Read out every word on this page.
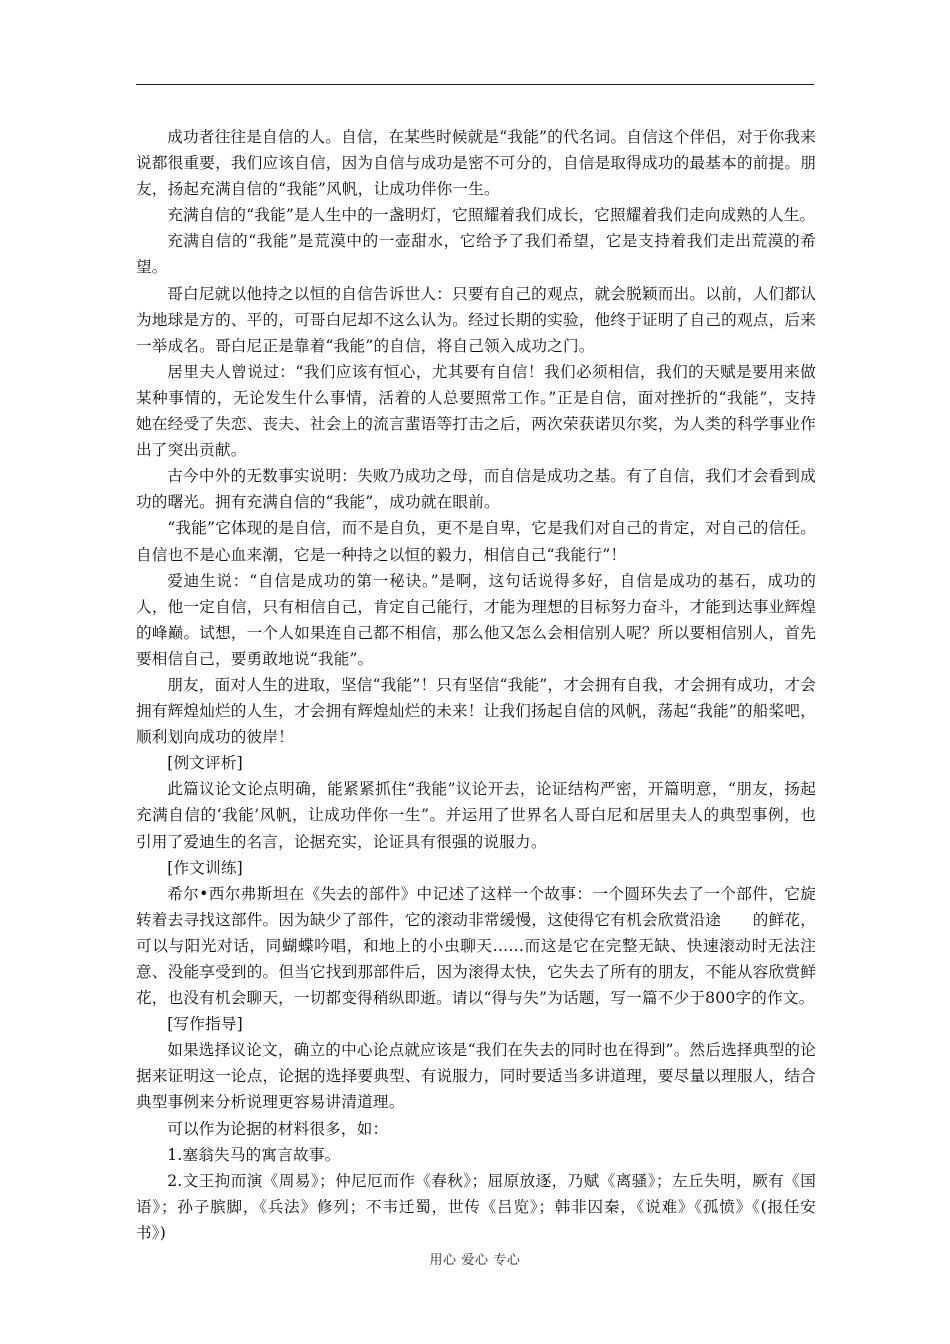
成功者往往是自信的人。自信，在某些时候就是“我能”的代名词。自信这个伴侣，对于你我来说都很重要，我们应该自信，因为自信与成功是密不可分的，自信是取得成功的最基本的前提。朋友，扬起充满自信的“我能”风帆，让成功伴你一生。

充满自信的“我能”是人生中的一盏明灯，它照耀着我们成长，它照耀着我们走向成熟的人生。

充满自信的“我能”是荒漠中的一壶甜水，它给予了我们希望，它是支持着我们走出荒漠的希望。

哥白尼就以他持之以恒的自信告诉世人：只要有自己的观点，就会脱颖而出。以前，人们都认为地球是方的、平的，可哥白尼却不这么认为。经过长期的实验，他终于证明了自己的观点，后来一举成名。哥白尼正是靠着“我能”的自信，将自己领入成功之门。

居里夫人曾说过：“我们应该有恒心，尤其要有自信！我们必须相信，我们的天赋是要用来做某种事情的，无论发生什么事情，活着的人总要照常工作。”正是自信，面对挫折的“我能”，支持她在经受了失恋、丧夫、社会上的流言蜚语等打击之后，两次荣获诺贝尔奖，为人类的科学事业作出了突出贡献。

古今中外的无数事实说明：失败乃成功之母，而自信是成功之基。有了自信，我们才会看到成功的曙光。拥有充满自信的“我能”，成功就在眼前。

“我能”它体现的是自信，而不是自负，更不是自卑，它是我们对自己的肯定，对自己的信任。自信也不是心血来潮，它是一种持之以恒的毅力，相信自己“我能行”！

爱迪生说：“自信是成功的第一秘诀。”是啊，这句话说得多好，自信是成功的基石，成功的人，他一定自信，只有相信自己，肯定自己能行，才能为理想的目标努力奋斗，才能到达事业辉煌的峰巅。试想，一个人如果连自己都不相信，那么他又怎么会相信别人呢？所以要相信别人，首先要相信自己，要勇敢地说“我能”。

朋友，面对人生的进取，坚信“我能”！只有坚信“我能”，才会拥有自我，才会拥有成功，才会拥有辉煌灿烂的人生，才会拥有辉煌灿烂的未来！让我们扬起自信的风帆，荡起“我能”的船桨吧，顺利划向成功的彼岸！

[例文评析]

此篇议论文论点明确，能紧紧抓住“我能”议论开去，论证结构严密，开篇明意，“朋友，扬起充满自信的‘我能’风帆，让成功伴你一生”。并运用了世界名人哥白尼和居里夫人的典型事例，也引用了爱迪生的名言，论据充实，论证具有很强的说服力。

[作文训练]

希尔•西尔弗斯坦在《失去的部件》中记述了这样一个故事：一个圆环失去了一个部件，它旋转着去寻找这部件。因为缺少了部件，它的滚动非常缓慢，这使得它有机会欣赏沿途　　的鲜花，可以与阳光对话，同蝴蝶吟唱，和地上的小虫聊天……而这是它在完整无缺、快速滚动时无法注意、没能享受到的。但当它找到那部件后，因为滚得太快，它失去了所有的朋友，不能从容欣赏鲜花，也没有机会聊天，一切都变得稍纵即逝。请以“得与失”为话题，写一篇不少于800字的作文。

[写作指导]

如果选择议论文，确立的中心论点就应该是“我们在失去的同时也在得到”。然后选择典型的论据来证明这一论点，论据的选择要典型、有说服力，同时要适当多讲道理，要尽量以理服人，结合典型事例来分析说理更容易讲清道理。

可以作为论据的材料很多，如：

1.塞翁失马的寓言故事。

2.文王拘而演《周易》；仲尼厄而作《春秋》；屈原放逐，乃赋《离骚》；左丘失明，厥有《国语》；孙子膑脚，《兵法》修列；不韦迁蜀，世传《吕览》；韩非囚秦，《说难》《孤愤》《(报任安书》)

用心 爱心 专心
